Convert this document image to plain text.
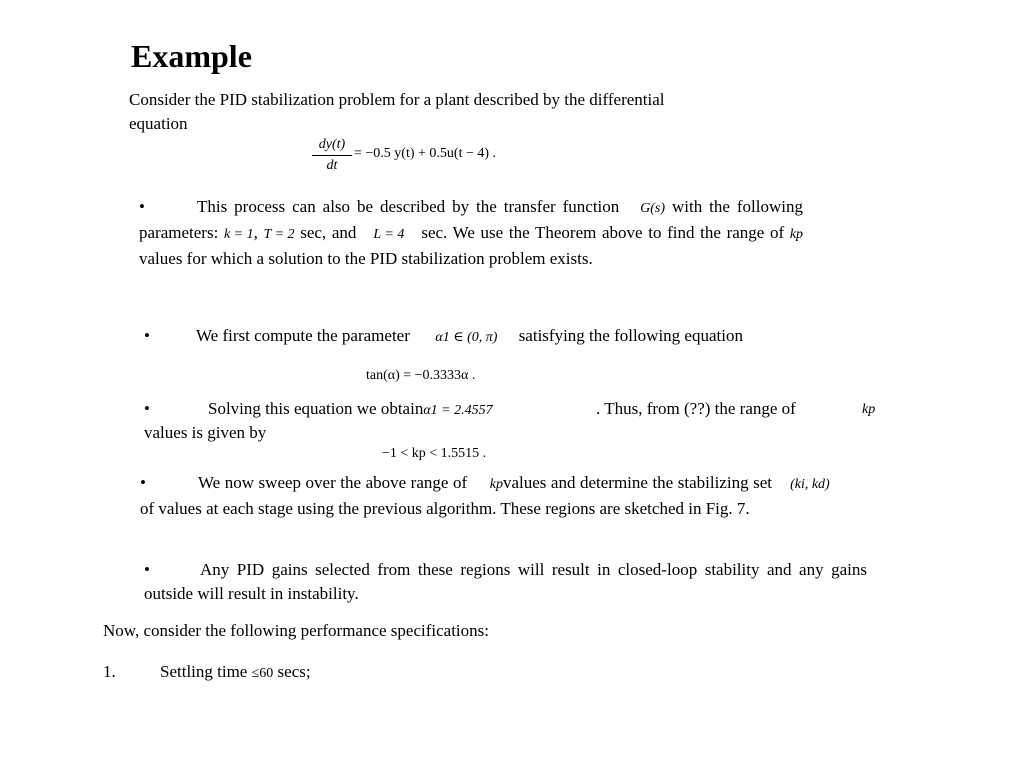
Example
Consider the PID stabilization problem for a plant described by the differential
equation
dy(t)
dt
= −0.5 y(t) + 0.5u(t − 4) .
•	This process can also be described by the transfer function G(s) with the following parameters: k = 1, T = 2 sec, and L = 4 sec. We use the Theorem above to find the range of kpvalues for which a solution to the PID stabilization problem exists.
•	We first compute the parameter α1 ∈ (0, π) satisfying the following equation
tan(α) = −0.3333α .
•	Solving this equation we obtainα1 = 2.4557	. Thus, from (??) the range of	kp
values is given by
−1 < kp < 1.5515 .
•	We now sweep over the above range of kpvalues and determine the stabilizing set (ki, kd)    of values at each stage using the previous algorithm. These regions are sketched in Fig. 7.
•	Any PID gains selected from these regions will result in closed-loop stability and any gains outside will result in instability.
Now, consider the following performance specifications:
1.	Settling time ≤60 secs;
